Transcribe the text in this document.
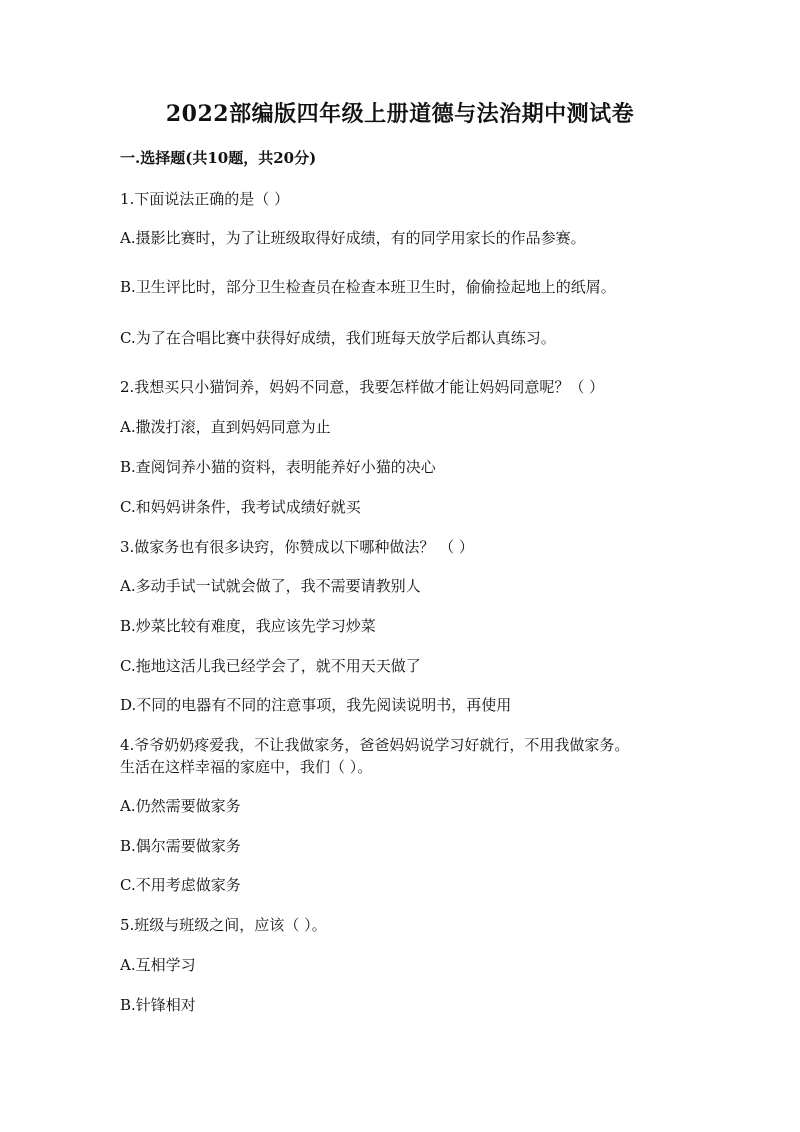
2022部编版四年级上册道德与法治期中测试卷
一.选择题(共10题，共20分)
1.下面说法正确的是（ ）
A.摄影比赛时，为了让班级取得好成绩，有的同学用家长的作品参赛。
B.卫生评比时，部分卫生检查员在检查本班卫生时，偷偷捡起地上的纸屑。
C.为了在合唱比赛中获得好成绩，我们班每天放学后都认真练习。
2.我想买只小猫饲养，妈妈不同意，我要怎样做才能让妈妈同意呢？（ ）
A.撒泼打滚，直到妈妈同意为止
B.查阅饲养小猫的资料，表明能养好小猫的决心
C.和妈妈讲条件，我考试成绩好就买
3.做家务也有很多诀窍，你赞成以下哪种做法？ （ ）
A.多动手试一试就会做了，我不需要请教别人
B.炒菜比较有难度，我应该先学习炒菜
C.拖地这活儿我已经学会了，就不用天天做了
D.不同的电器有不同的注意事项，我先阅读说明书，再使用
4.爷爷奶奶疼爱我，不让我做家务，爸爸妈妈说学习好就行，不用我做家务。
生活在这样幸福的家庭中，我们（ ）。
A.仍然需要做家务
B.偶尔需要做家务
C.不用考虑做家务
5.班级与班级之间，应该（ ）。
A.互相学习
B.针锋相对
